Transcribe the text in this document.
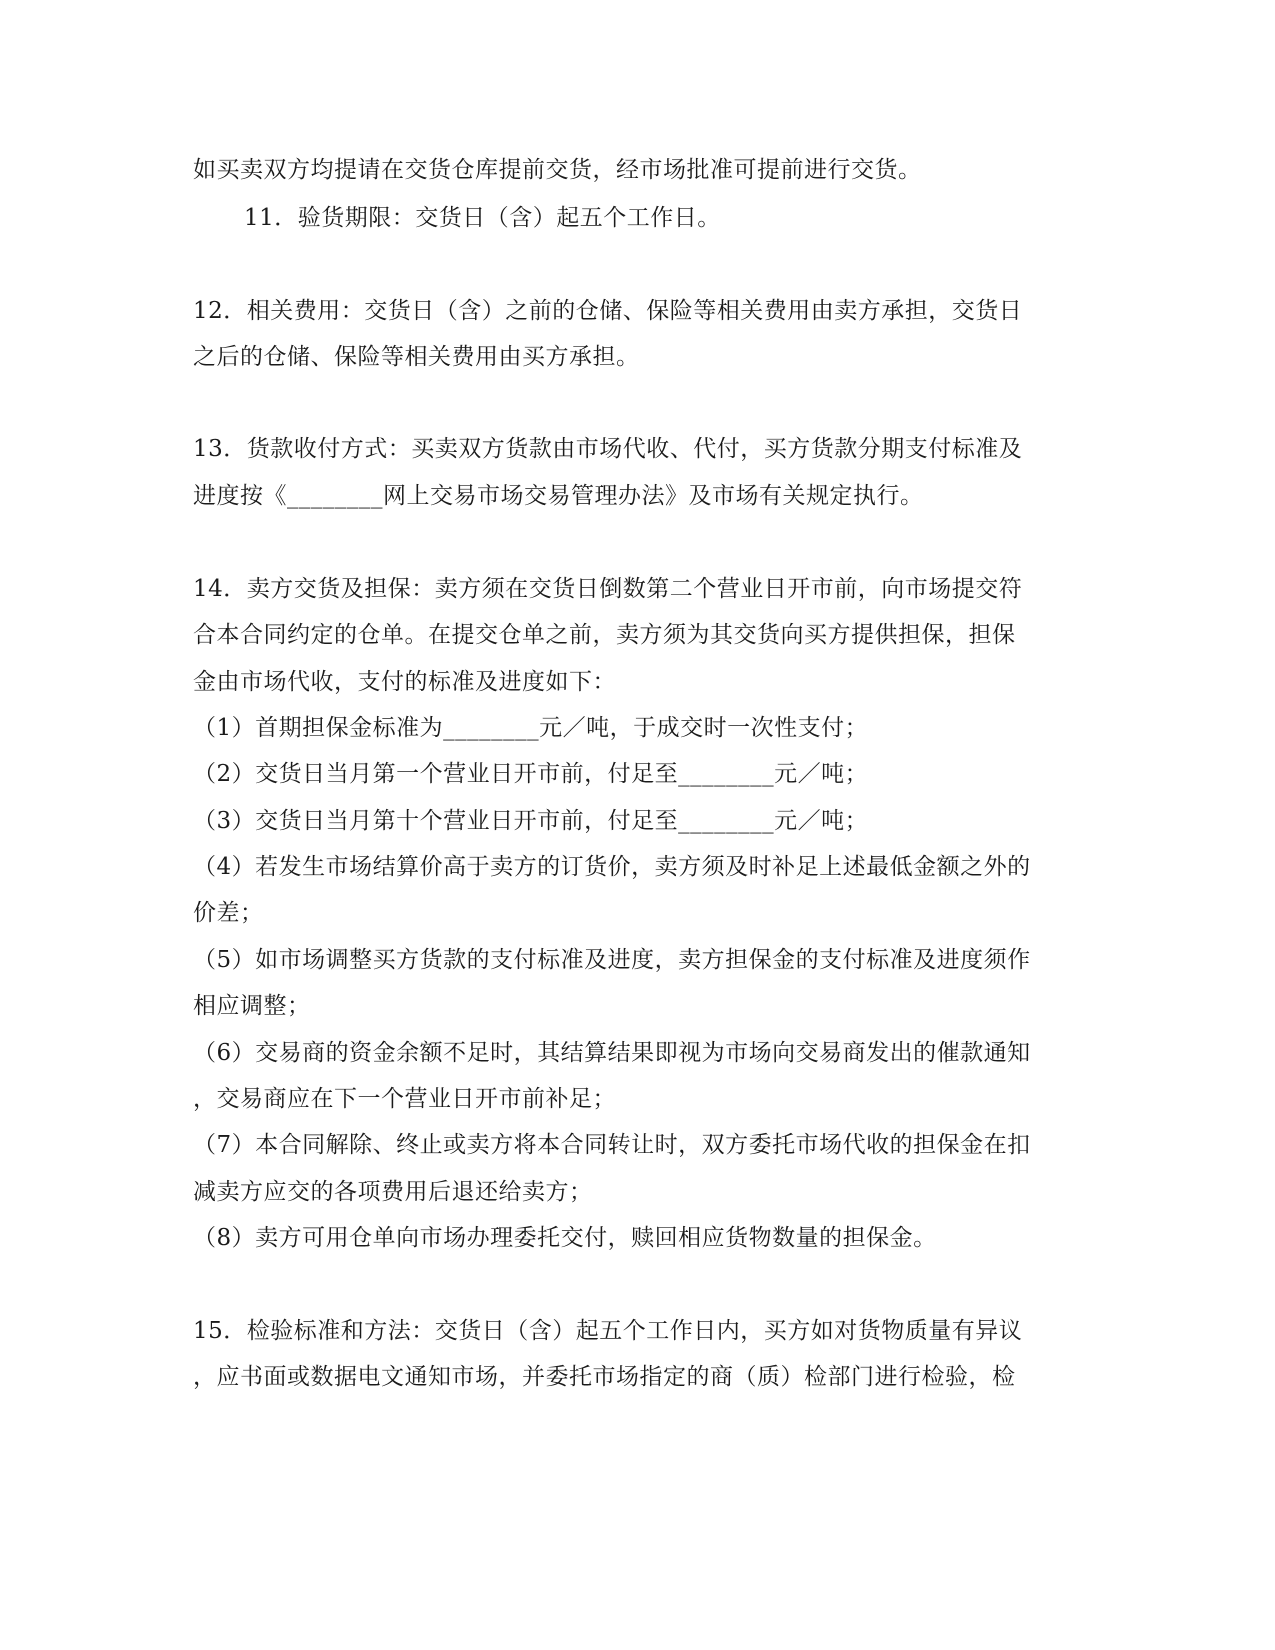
如买卖双方均提请在交货仓库提前交货，经市场批准可提前进行交货。
11．验货期限：交货日（含）起五个工作日。
12．相关费用：交货日（含）之前的仓储、保险等相关费用由卖方承担，交货日
之后的仓储、保险等相关费用由买方承担。
13．货款收付方式：买卖双方货款由市场代收、代付，买方货款分期支付标准及
进度按《________网上交易市场交易管理办法》及市场有关规定执行。
14．卖方交货及担保：卖方须在交货日倒数第二个营业日开市前，向市场提交符
合本合同约定的仓单。在提交仓单之前，卖方须为其交货向买方提供担保，担保
金由市场代收，支付的标准及进度如下：
（1）首期担保金标准为________元／吨，于成交时一次性支付；
（2）交货日当月第一个营业日开市前，付足至________元／吨；
（3）交货日当月第十个营业日开市前，付足至________元／吨；
（4）若发生市场结算价高于卖方的订货价，卖方须及时补足上述最低金额之外的
价差；
（5）如市场调整买方货款的支付标准及进度，卖方担保金的支付标准及进度须作
相应调整；
（6）交易商的资金余额不足时，其结算结果即视为市场向交易商发出的催款通知
，交易商应在下一个营业日开市前补足；
（7）本合同解除、终止或卖方将本合同转让时，双方委托市场代收的担保金在扣
减卖方应交的各项费用后退还给卖方；
（8）卖方可用仓单向市场办理委托交付，赎回相应货物数量的担保金。
15．检验标准和方法：交货日（含）起五个工作日内，买方如对货物质量有异议
，应书面或数据电文通知市场，并委托市场指定的商（质）检部门进行检验，检
